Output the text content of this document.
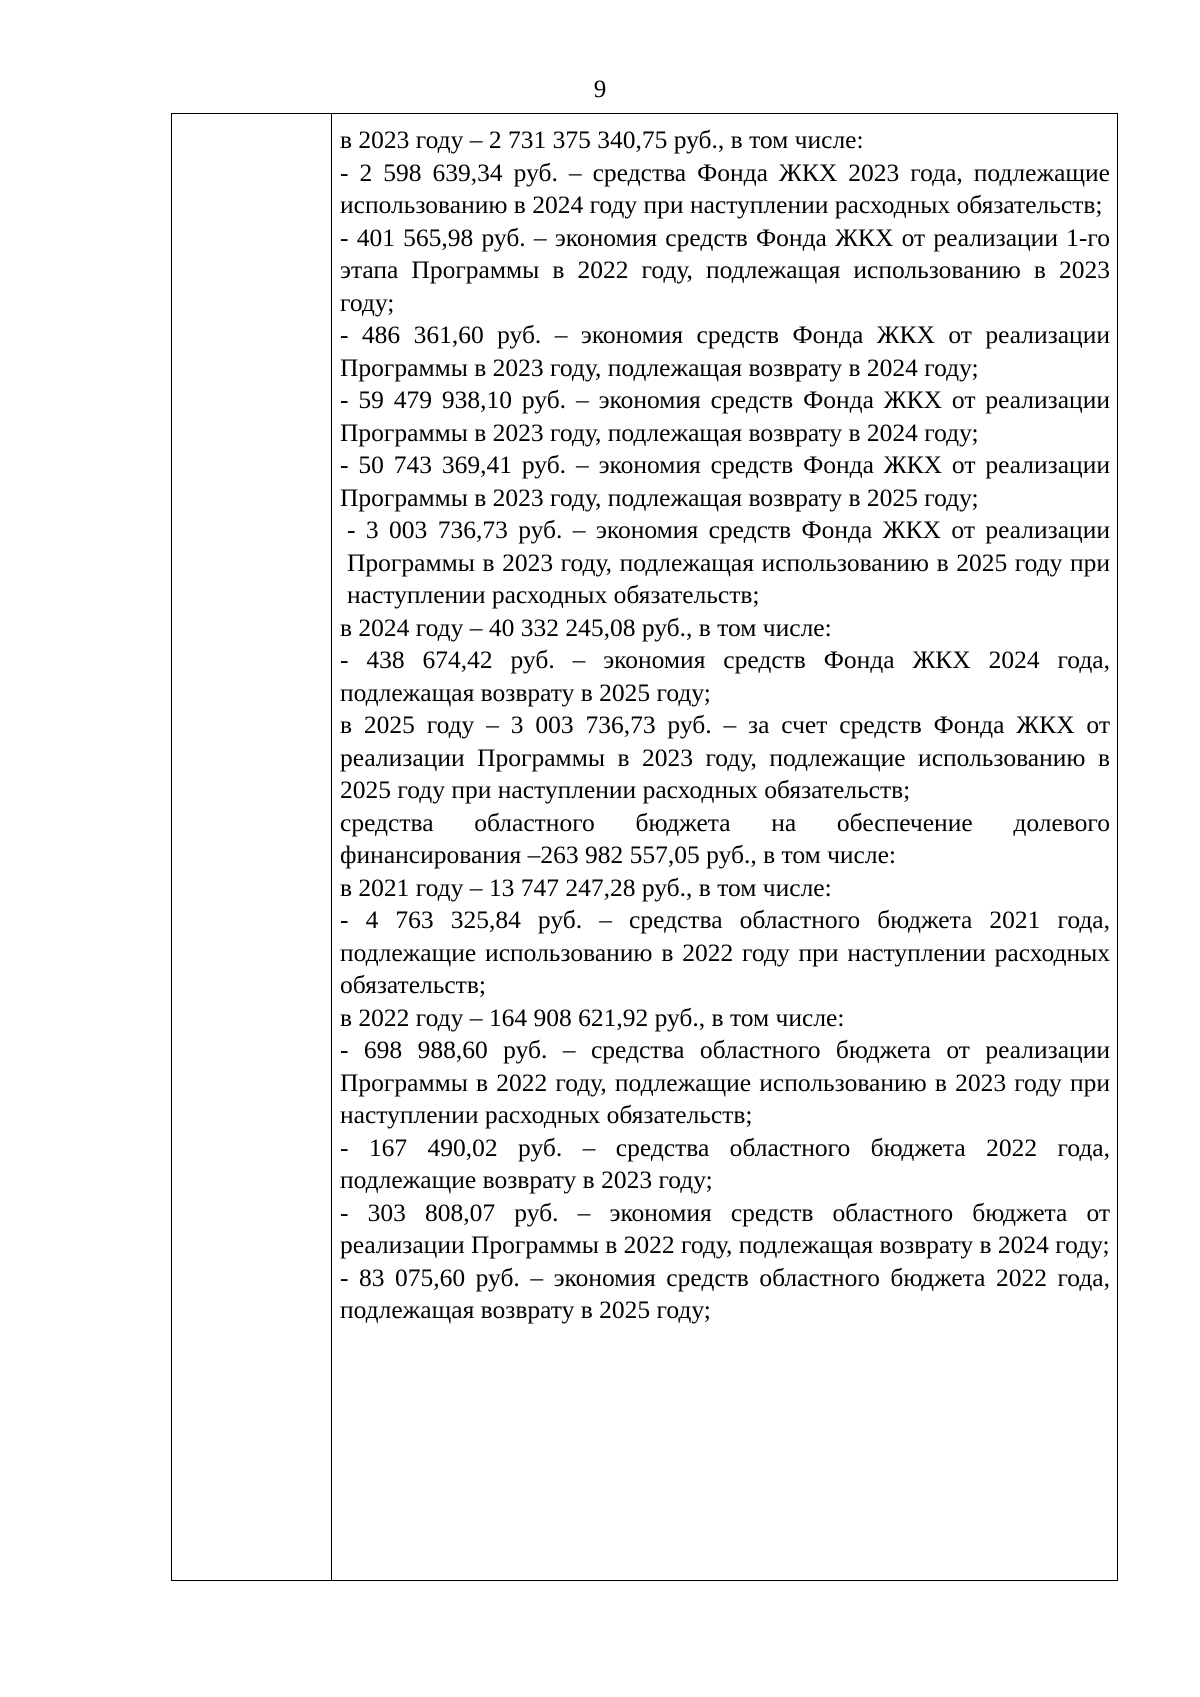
9

в 2023 году – 2 731 375 340,75 руб., в том числе:

- 2 598 639,34 руб. – средства Фонда ЖКХ 2023 года, подлежащие использованию в 2024 году при наступлении расходных обязательств;

- 401 565,98 руб. – экономия средств Фонда ЖКХ от реализации 1-го этапа Программы в 2022 году, подлежащая использованию в 2023 году;

- 486 361,60 руб. – экономия средств Фонда ЖКХ от реализации Программы в 2023 году, подлежащая возврату в 2024 году;

- 59 479 938,10 руб. – экономия средств Фонда ЖКХ от реализации Программы в 2023 году, подлежащая возврату в 2024 году;

- 50 743 369,41 руб. – экономия средств Фонда ЖКХ от реализации Программы в 2023 году, подлежащая возврату в 2025 году;

- 3 003 736,73 руб. – экономия средств Фонда ЖКХ от реализации Программы в 2023 году, подлежащая использованию в 2025 году при наступлении расходных обязательств;

в 2024 году – 40 332 245,08 руб., в том числе:

- 438 674,42 руб. – экономия средств Фонда ЖКХ 2024 года, подлежащая возврату в 2025 году;

в 2025 году – 3 003 736,73 руб. – за счет средств Фонда ЖКХ от реализации Программы в 2023 году, подлежащие использованию в 2025 году при наступлении расходных обязательств;

средства областного бюджета на обеспечение долевого финансирования –263 982 557,05 руб., в том числе:

в 2021 году – 13 747 247,28 руб., в том числе:

- 4 763 325,84 руб. – средства областного бюджета 2021 года, подлежащие использованию в 2022 году при наступлении расходных обязательств;

в 2022 году – 164 908 621,92 руб., в том числе:

- 698 988,60 руб. – средства областного бюджета от реализации Программы в 2022 году, подлежащие использованию в 2023 году при наступлении расходных обязательств;

- 167 490,02 руб. – средства областного бюджета 2022 года, подлежащие возврату в 2023 году;

- 303 808,07 руб. – экономия средств областного бюджета от реализации Программы в 2022 году, подлежащая возврату в 2024 году;

- 83 075,60 руб. – экономия средств областного бюджета 2022 года, подлежащая возврату в 2025 году;
